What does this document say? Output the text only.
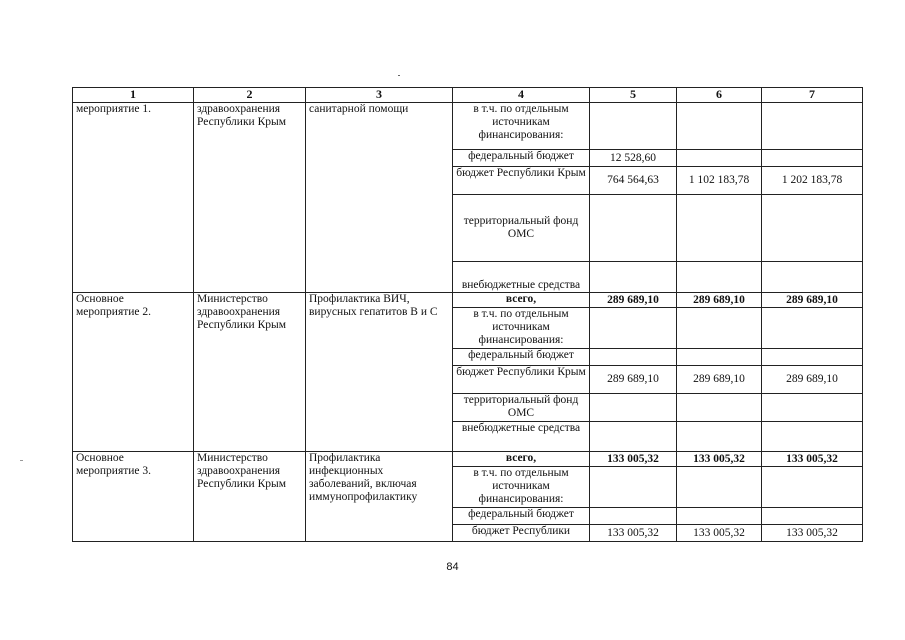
1	2	3	4	5	6	7
мероприятие 1.	здравоохранения Республики Крым	санитарной помощи	в т.ч. по отдельным источникам финансирования:			
			федеральный бюджет	12 528,60		
			бюджет Республики Крым	764 564,63	1 102 183,78	1 202 183,78
			территориальный фонд ОМС			
			внебюджетные средства			
Основное мероприятие 2.	Министерство здравоохранения Республики Крым	Профилактика ВИЧ, вирусных гепатитов В и С	всего,	289 689,10	289 689,10	289 689,10
			в т.ч. по отдельным источникам финансирования:			
			федеральный бюджет			
			бюджет Республики Крым	289 689,10	289 689,10	289 689,10
			территориальный фонд ОМС			
			внебюджетные средства			
Основное мероприятие 3.	Министерство здравоохранения Республики Крым	Профилактика инфекционных заболеваний, включая иммунопрофилактику	всего,	133 005,32	133 005,32	133 005,32
			в т.ч. по отдельным источникам финансирования:			
			федеральный бюджет			
			бюджет Республики	133 005,32	133 005,32	133 005,32
84
